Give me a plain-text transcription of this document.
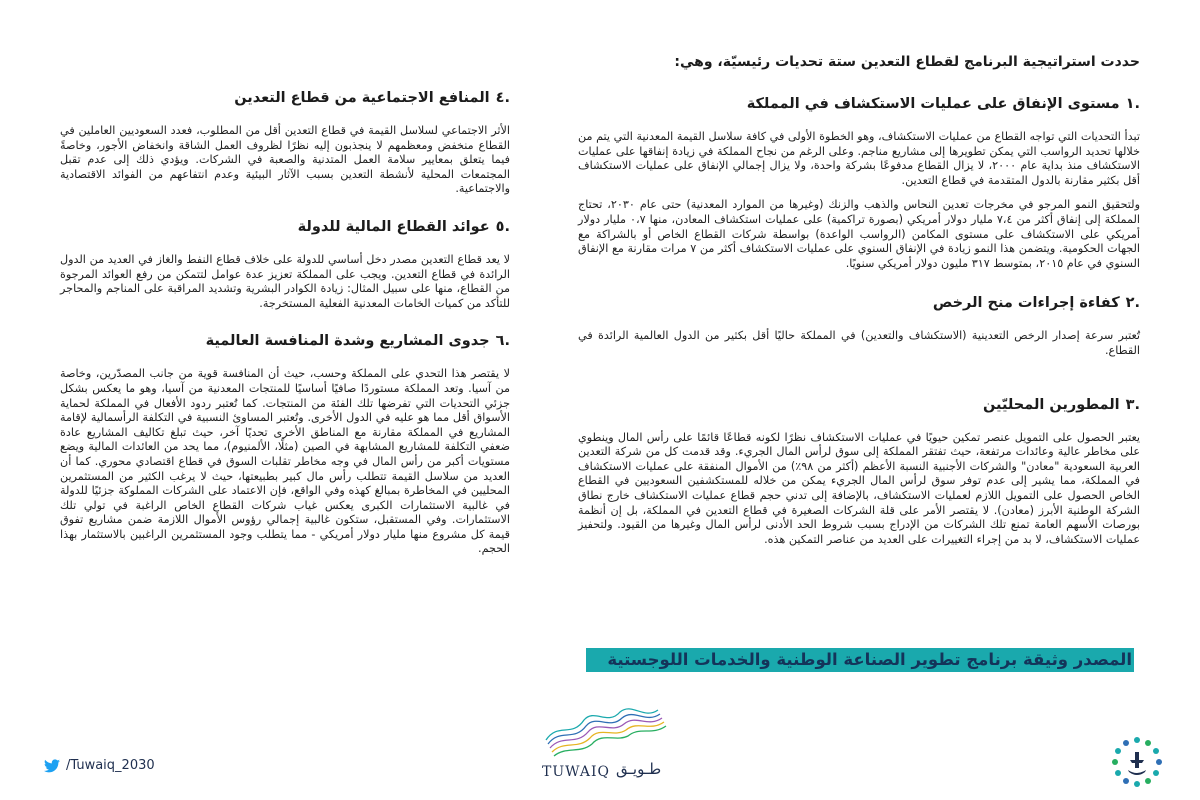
حددت استراتيجية البرنامج لقطاع التعدين ستة تحديات رئيسيّة، وهي:
.١مستوى الإنفاق على عمليات الاستكشاف في المملكة

تبدأ التحديات التي تواجه القطاع من عمليات الاستكشاف، وهو الخطوة الأولى في كافة سلاسل القيمة المعدنية التي يتم من خلالها تحديد الرواسب التي يمكن تطويرها إلى مشاريع مناجم. وعلى الرغم من نجاح المملكة في زيادة إنفاقها على عمليات الاستكشاف منذ بداية عام ٢٠٠٠، لا يزال القطاع مدفوعًا بشركة واحدة، ولا يزال إجمالي الإنفاق على عمليات الاستكشاف أقل بكثير مقارنة بالدول المتقدمة في قطاع التعدين.

ولتحقيق النمو المرجو في مخرجات تعدين النحاس والذهب والزنك (وغيرها من الموارد المعدنية) حتى عام ٢٠٣٠، تحتاج المملكة إلى إنفاق أكثر من ٧،٤ مليار دولار أمريكي (بصورة تراكمية) على عمليات استكشاف المعادن، منها ٠،٧ مليار دولار أمريكي على الاستكشاف على مستوى المكامن (الرواسب الواعدة) بواسطة شركات القطاع الخاص أو بالشراكة مع الجهات الحكومية. ويتضمن هذا النمو زيادة في الإنفاق السنوي على عمليات الاستكشاف أكثر من ٧ مرات مقارنة مع الإنفاق السنوي في عام ٢٠١٥، بمتوسط ٣١٧ مليون دولار أمريكي سنويًا.

.٢كفاءة إجراءات منح الرخص

تُعتبر سرعة إصدار الرخص التعدينية (الاستكشاف والتعدين) في المملكة حاليًا أقل بكثير من الدول العالمية الرائدة في القطاع.

.٣المطورين المحليّين

يعتبر الحصول على التمويل عنصر تمكين حيويًا في عمليات الاستكشاف نظرًا لكونه قطاعًا قائمًا على رأس المال وينطوي على مخاطر عالية وعائدات مرتفعة، حيث تفتقر المملكة إلى سوق لرأس المال الجريء. وقد قدمت كل من شركة التعدين العربية السعودية "معادن" والشركات الأجنبية النسبة الأعظم (أكثر من ٩٨٪) من الأموال المنفقة على عمليات الاستكشاف في المملكة، مما يشير إلى عدم توفر سوق لرأس المال الجريء يمكن من خلاله للمستكشفين السعوديين في القطاع الخاص الحصول على التمويل اللازم لعمليات الاستكشاف، بالإضافة إلى تدني حجم قطاع عمليات الاستكشاف خارج نطاق الشركة الوطنية الأبرز (معادن). لا يقتصر الأمر على قلة الشركات الصغيرة في قطاع التعدين في المملكة، بل إن أنظمة بورصات الأسهم العامة تمنع تلك الشركات من الإدراج بسبب شروط الحد الأدنى لرأس المال وغيرها من القيود. ولتحفيز عمليات الاستكشاف، لا بد من إجراء التغييرات على العديد من عناصر التمكين هذه.

.٤المنافع الاجتماعية من قطاع التعدين

الأثر الاجتماعي لسلاسل القيمة في قطاع التعدين أقل من المطلوب، فعدد السعوديين العاملين في القطاع منخفض ومعظمهم لا ينجذبون إليه نظرًا لظروف العمل الشاقة وانخفاض الأجور، وخاصةً فيما يتعلق بمعايير سلامة العمل المتدنية والصعبة في الشركات. ويؤدي ذلك إلى عدم تقبل المجتمعات المحلية لأنشطة التعدين بسبب الآثار البيئية وعدم انتفاعهم من الفوائد الاقتصادية والاجتماعية.

.٥عوائد القطاع المالية للدولة

لا يعد قطاع التعدين مصدر دخل أساسي للدولة على خلاف قطاع النفط والغاز في العديد من الدول الرائدة في قطاع التعدين. ويجب على المملكة تعزيز عدة عوامل لتتمكن من رفع العوائد المرجوة من القطاع، منها على سبيل المثال: زيادة الكوادر البشرية وتشديد المراقبة على المناجم والمحاجر للتأكد من كميات الخامات المعدنية الفعلية المستخرجة.

.٦جدوى المشاريع وشدة المنافسة العالمية

لا يقتصر هذا التحدي على المملكة وحسب، حيث أن المنافسة قوية من جانب المصدّرين، وخاصة من آسيا. وتعد المملكة مستوردًا صافيًا أساسيًا للمنتجات المعدنية من آسيا، وهو ما يعكس بشكل جزئي التحديات التي تفرضها تلك الفئة من المنتجات. كما تُعتبر ردود الأفعال في المملكة لحماية الأسواق أقل مما هو عليه في الدول الأخرى. وتُعتبر المساوئ النسبية في التكلفة الرأسمالية لإقامة المشاريع في المملكة مقارنة مع المناطق الأخرى تحديًا آخر، حيث تبلغ تكاليف المشاريع عادة ضعفي التكلفة للمشاريع المشابهة في الصين (مثلًا، الألمنيوم)، مما يحد من العائدات المالية ويضع مستويات أكبر من رأس المال في وجه مخاطر تقلبات السوق في قطاع اقتصادي محوري. كما أن العديد من سلاسل القيمة تتطلب رأس مال كبير بطبيعتها، حيث لا يرغب الكثير من المستثمرين المحليين في المخاطرة بمبالغ كهذه وفي الواقع، فإن الاعتماد على الشركات المملوكة جزئيًا للدولة في غالبية الاستثمارات الكبرى يعكس غياب شركات القطاع الخاص الراغبة في تولي تلك الاستثمارات. وفي المستقبل، ستكون غالبية إجمالي رؤوس الأموال اللازمة ضمن مشاريع تفوق قيمة كل مشروع منها مليار دولار أمريكي - مما يتطلب وجود المستثمرين الراغبين بالاستثمار بهذا الحجم.

المصدر وثيقة برنامج تطوير الصناعة الوطنية والخدمات اللوجستية
/Tuwaiq_2030	طـويـق
TUWAIQ
